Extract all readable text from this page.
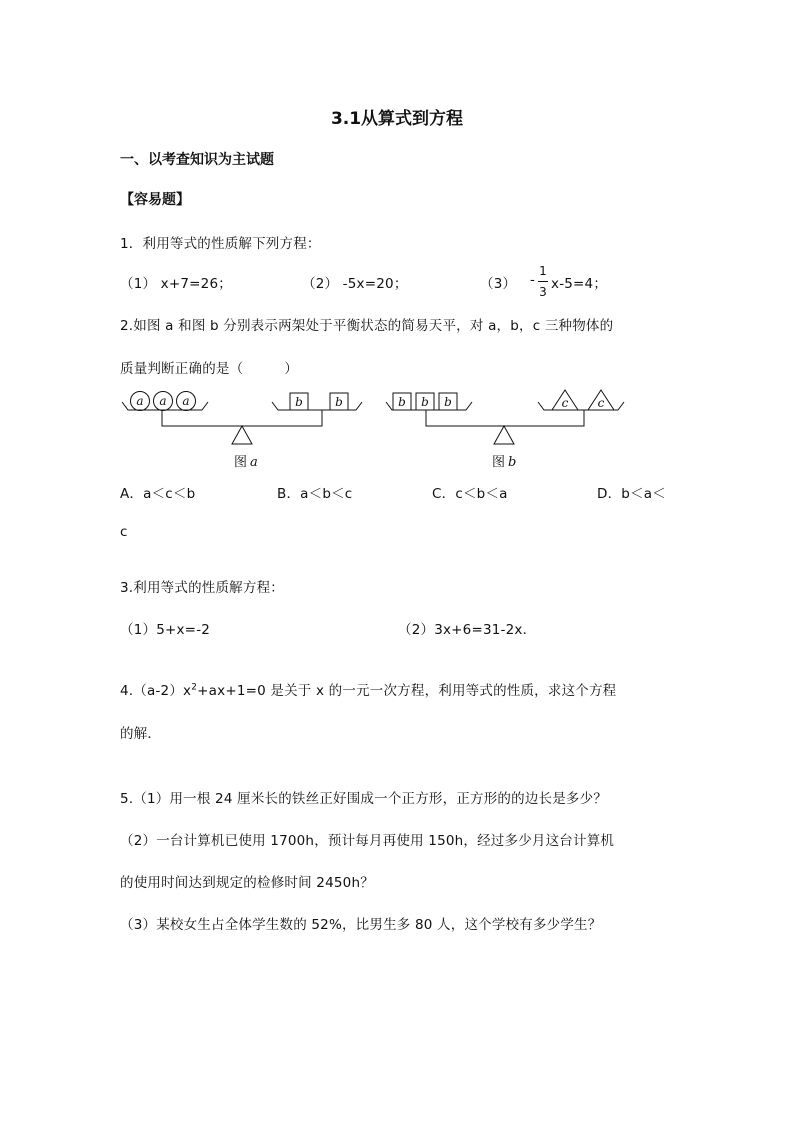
3.1从算式到方程
一、以考查知识为主试题
【容易题】
1．利用等式的性质解下列方程：
（1） x+7=26；	（2） -5x=20；	（3） -
1
3 x-5=4；
2.如图 a 和图 b 分别表示两架处于平衡状态的简易天平，对 a，b，c 三种物体的
质量判断正确的是（　　　）
a a a	b	b
图 a
b b b	c c
图 b
A．a＜c＜b	B．a＜b＜c	C．c＜b＜a	D．b＜a＜
c
3.利用等式的性质解方程：
（1）5+x=-2	（2）3x+6=31-2x．
$4.(a-2)x^2+ax+1=0$ 是关于 x 的一元一次方程，利用等式的性质，求这个方程
的解．
5.（1）用一根 24 厘米长的铁丝正好围成一个正方形，正方形的的边长是多少？
（2）一台计算机已使用 1700h，预计每月再使用 150h，经过多少月这台计算机
的使用时间达到规定的检修时间 2450h？
（3）某校女生占全体学生数的 52%，比男生多 80 人，这个学校有多少学生？
